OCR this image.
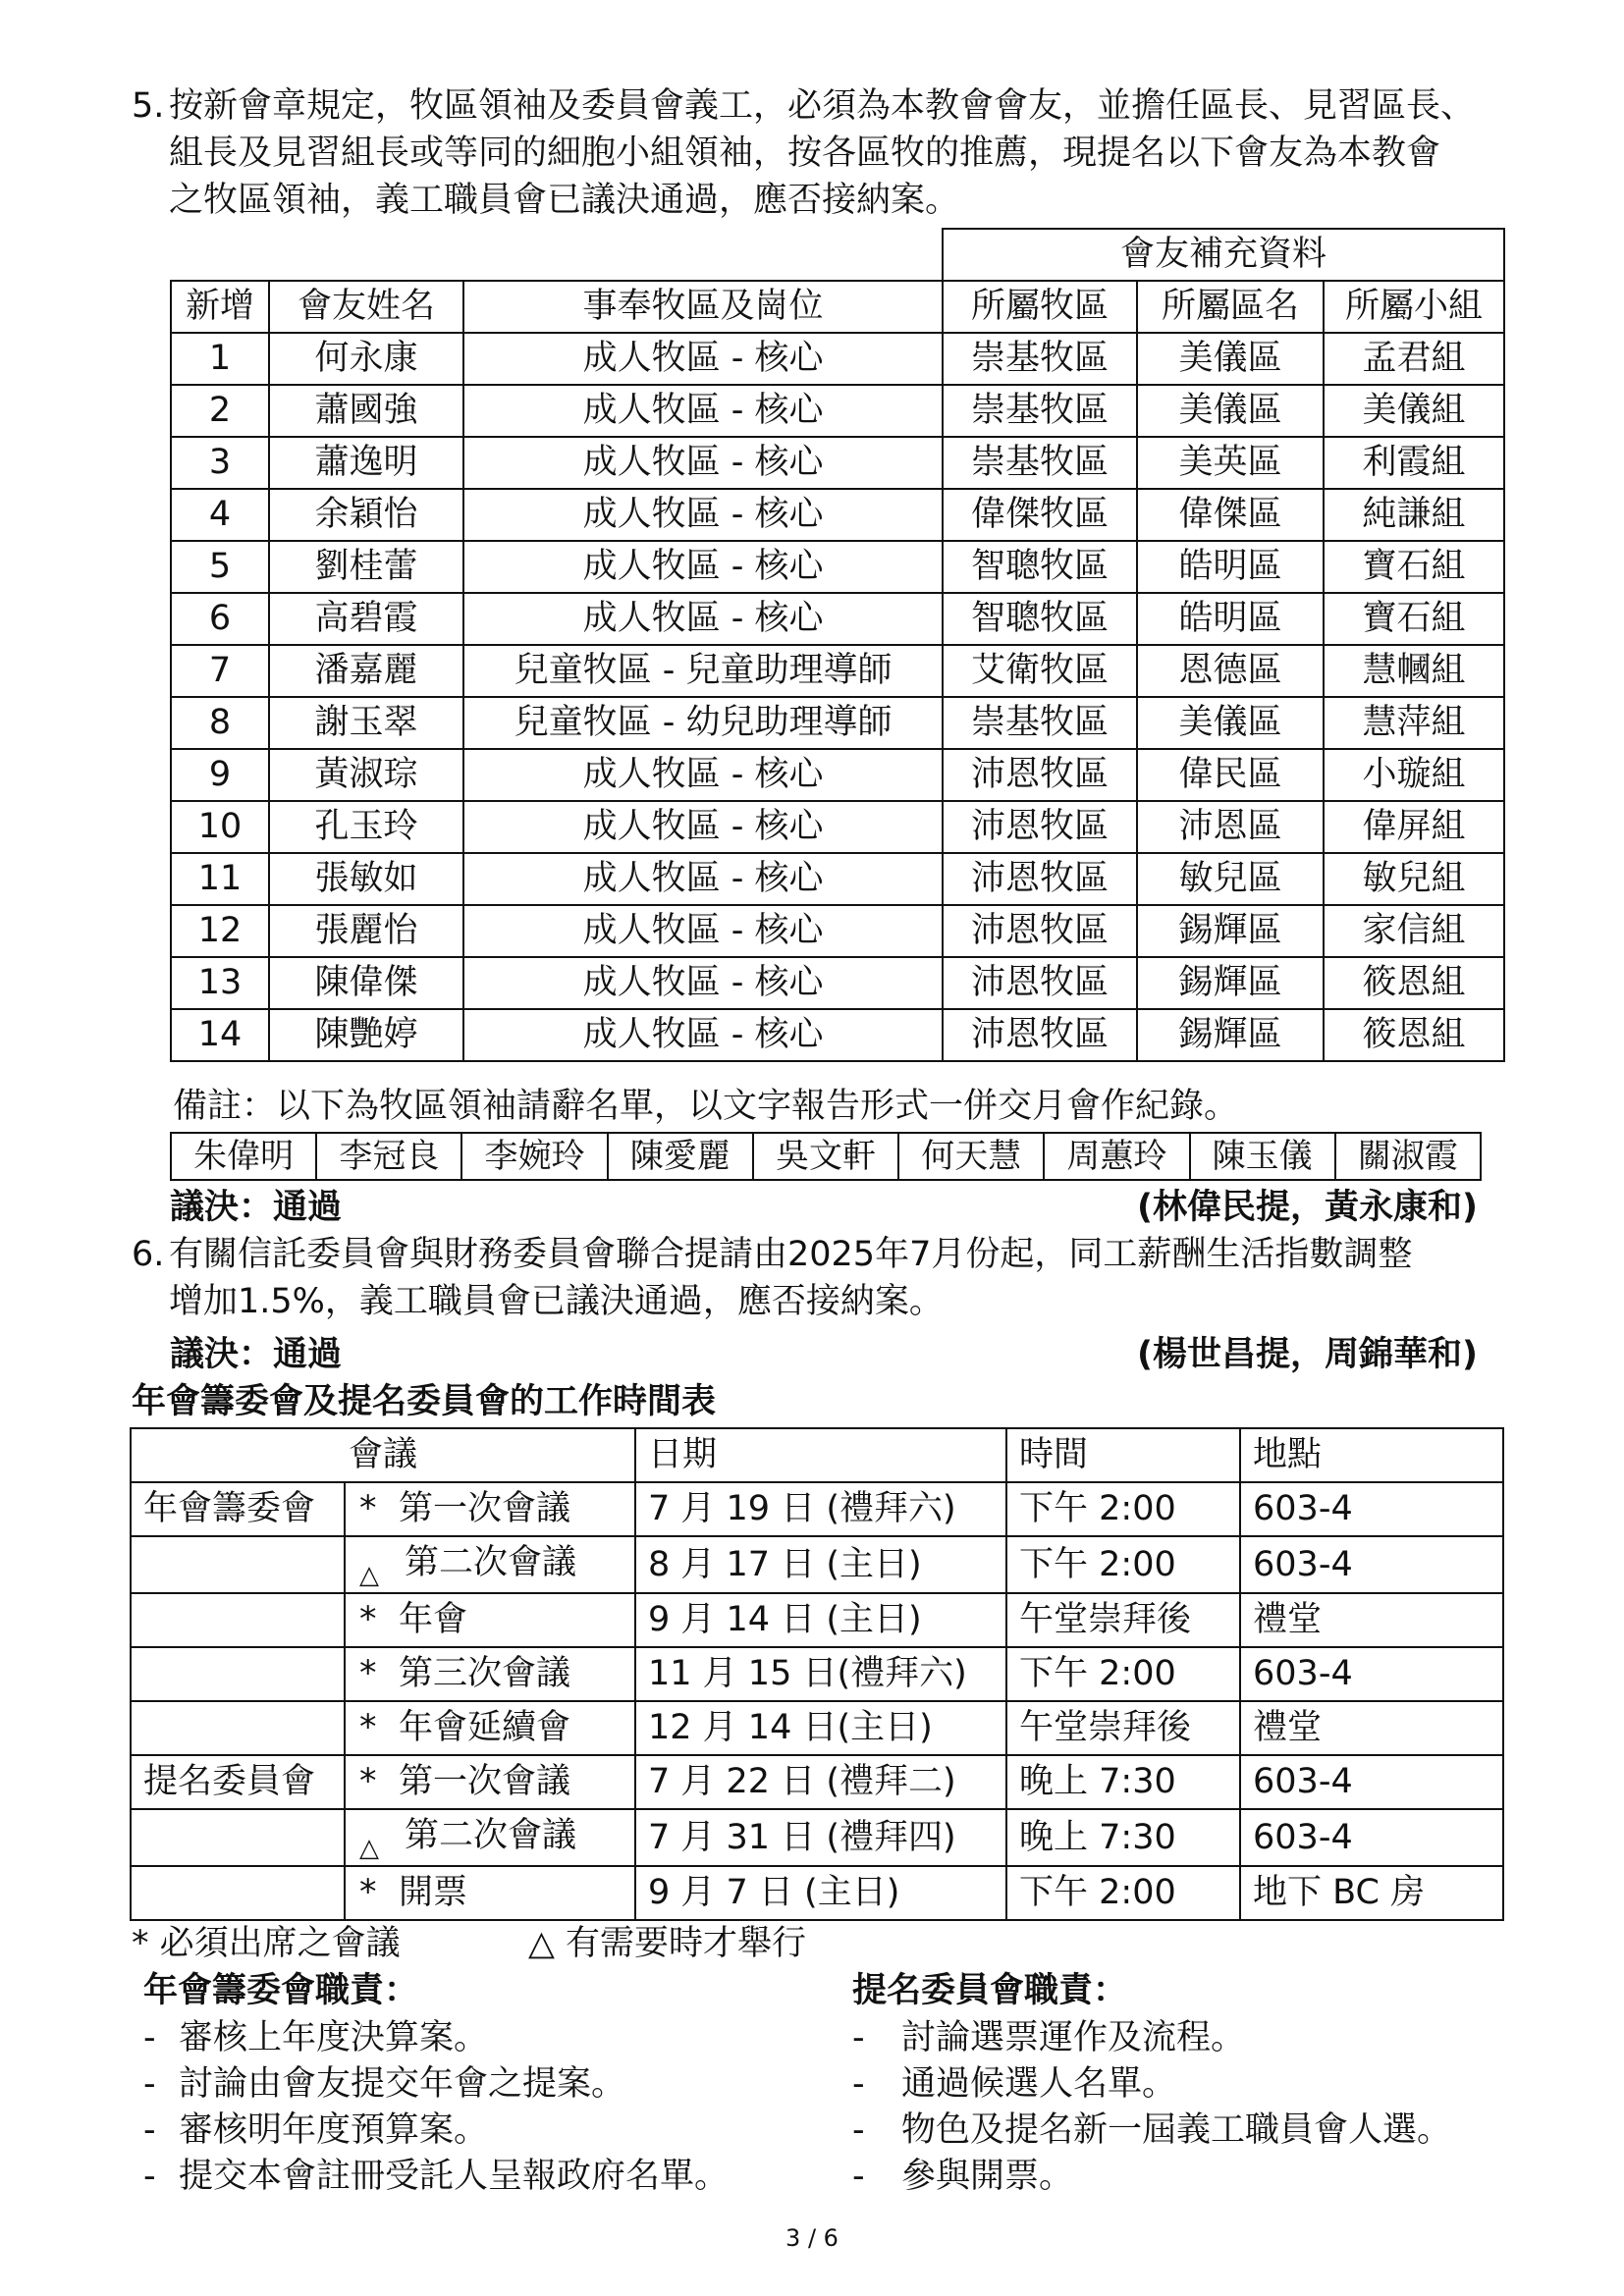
5. 按新會章規定，牧區領袖及委員會義工，必須為本教會會友，並擔任區長、見習區長、
組長及見習組長或等同的細胞小組領袖，按各區牧的推薦，現提名以下會友為本教會
之牧區領袖，義工職員會已議決通過，應否接納案。
			會友補充資料		
新增	會友姓名	事奉牧區及崗位	所屬牧區	所屬區名	所屬小組
1	何永康	成人牧區 - 核心	崇基牧區	美儀區	孟君組
2	蕭國強	成人牧區 - 核心	崇基牧區	美儀區	美儀組
3	蕭逸明	成人牧區 - 核心	崇基牧區	美英區	利霞組
4	余穎怡	成人牧區 - 核心	偉傑牧區	偉傑區	純謙組
5	劉桂蕾	成人牧區 - 核心	智聰牧區	皓明區	寶石組
6	高碧霞	成人牧區 - 核心	智聰牧區	皓明區	寶石組
7	潘嘉麗	兒童牧區 - 兒童助理導師	艾衛牧區	恩德區	慧幗組
8	謝玉翠	兒童牧區 - 幼兒助理導師	崇基牧區	美儀區	慧萍組
9	黃淑琮	成人牧區 - 核心	沛恩牧區	偉民區	小璇組
10	孔玉玲	成人牧區 - 核心	沛恩牧區	沛恩區	偉屏組
11	張敏如	成人牧區 - 核心	沛恩牧區	敏兒區	敏兒組
12	張麗怡	成人牧區 - 核心	沛恩牧區	錫輝區	家信組
13	陳偉傑	成人牧區 - 核心	沛恩牧區	錫輝區	筱恩組
14	陳艷婷	成人牧區 - 核心	沛恩牧區	錫輝區	筱恩組
備註：以下為牧區領袖請辭名單，以文字報告形式一併交月會作紀錄。
朱偉明	李冠良	李婉玲	陳愛麗	吳文軒	何天慧	周蕙玲	陳玉儀	關淑霞
議決：通過	(林偉民提，黃永康和)
6. 有關信託委員會與財務委員會聯合提請由2025年7月份起，同工薪酬生活指數調整
增加1.5%，義工職員會已議決通過，應否接納案。
議決：通過	(楊世昌提，周錦華和)
年會籌委會及提名委員會的工作時間表
會議		日期	時間	地點
年會籌委會	* 第一次會議	7 月 19 日 (禮拜六)	下午 2:00	603-4
	△ 第二次會議	8 月 17 日 (主日)	下午 2:00	603-4
	* 年會	9 月 14 日 (主日)	午堂崇拜後	禮堂
	* 第三次會議	11 月 15 日(禮拜六)	下午 2:00	603-4
	* 年會延續會	12 月 14 日(主日)	午堂崇拜後	禮堂
提名委員會	* 第一次會議	7 月 22 日 (禮拜二)	晚上 7:30	603-4
	△ 第二次會議	7 月 31 日 (禮拜四)	晚上 7:30	603-4
	* 開票	9 月 7 日 (主日)	下午 2:00	地下 BC 房
* 必須出席之會議	△ 有需要時才舉行
年會籌委會職責：
- 審核上年度決算案。
- 討論由會友提交年會之提案。
- 審核明年度預算案。
- 提交本會註冊受託人呈報政府名單。
提名委員會職責：
- 討論選票運作及流程。
- 通過候選人名單。
- 物色及提名新一屆義工職員會人選。
- 參與開票。
3 / 6
